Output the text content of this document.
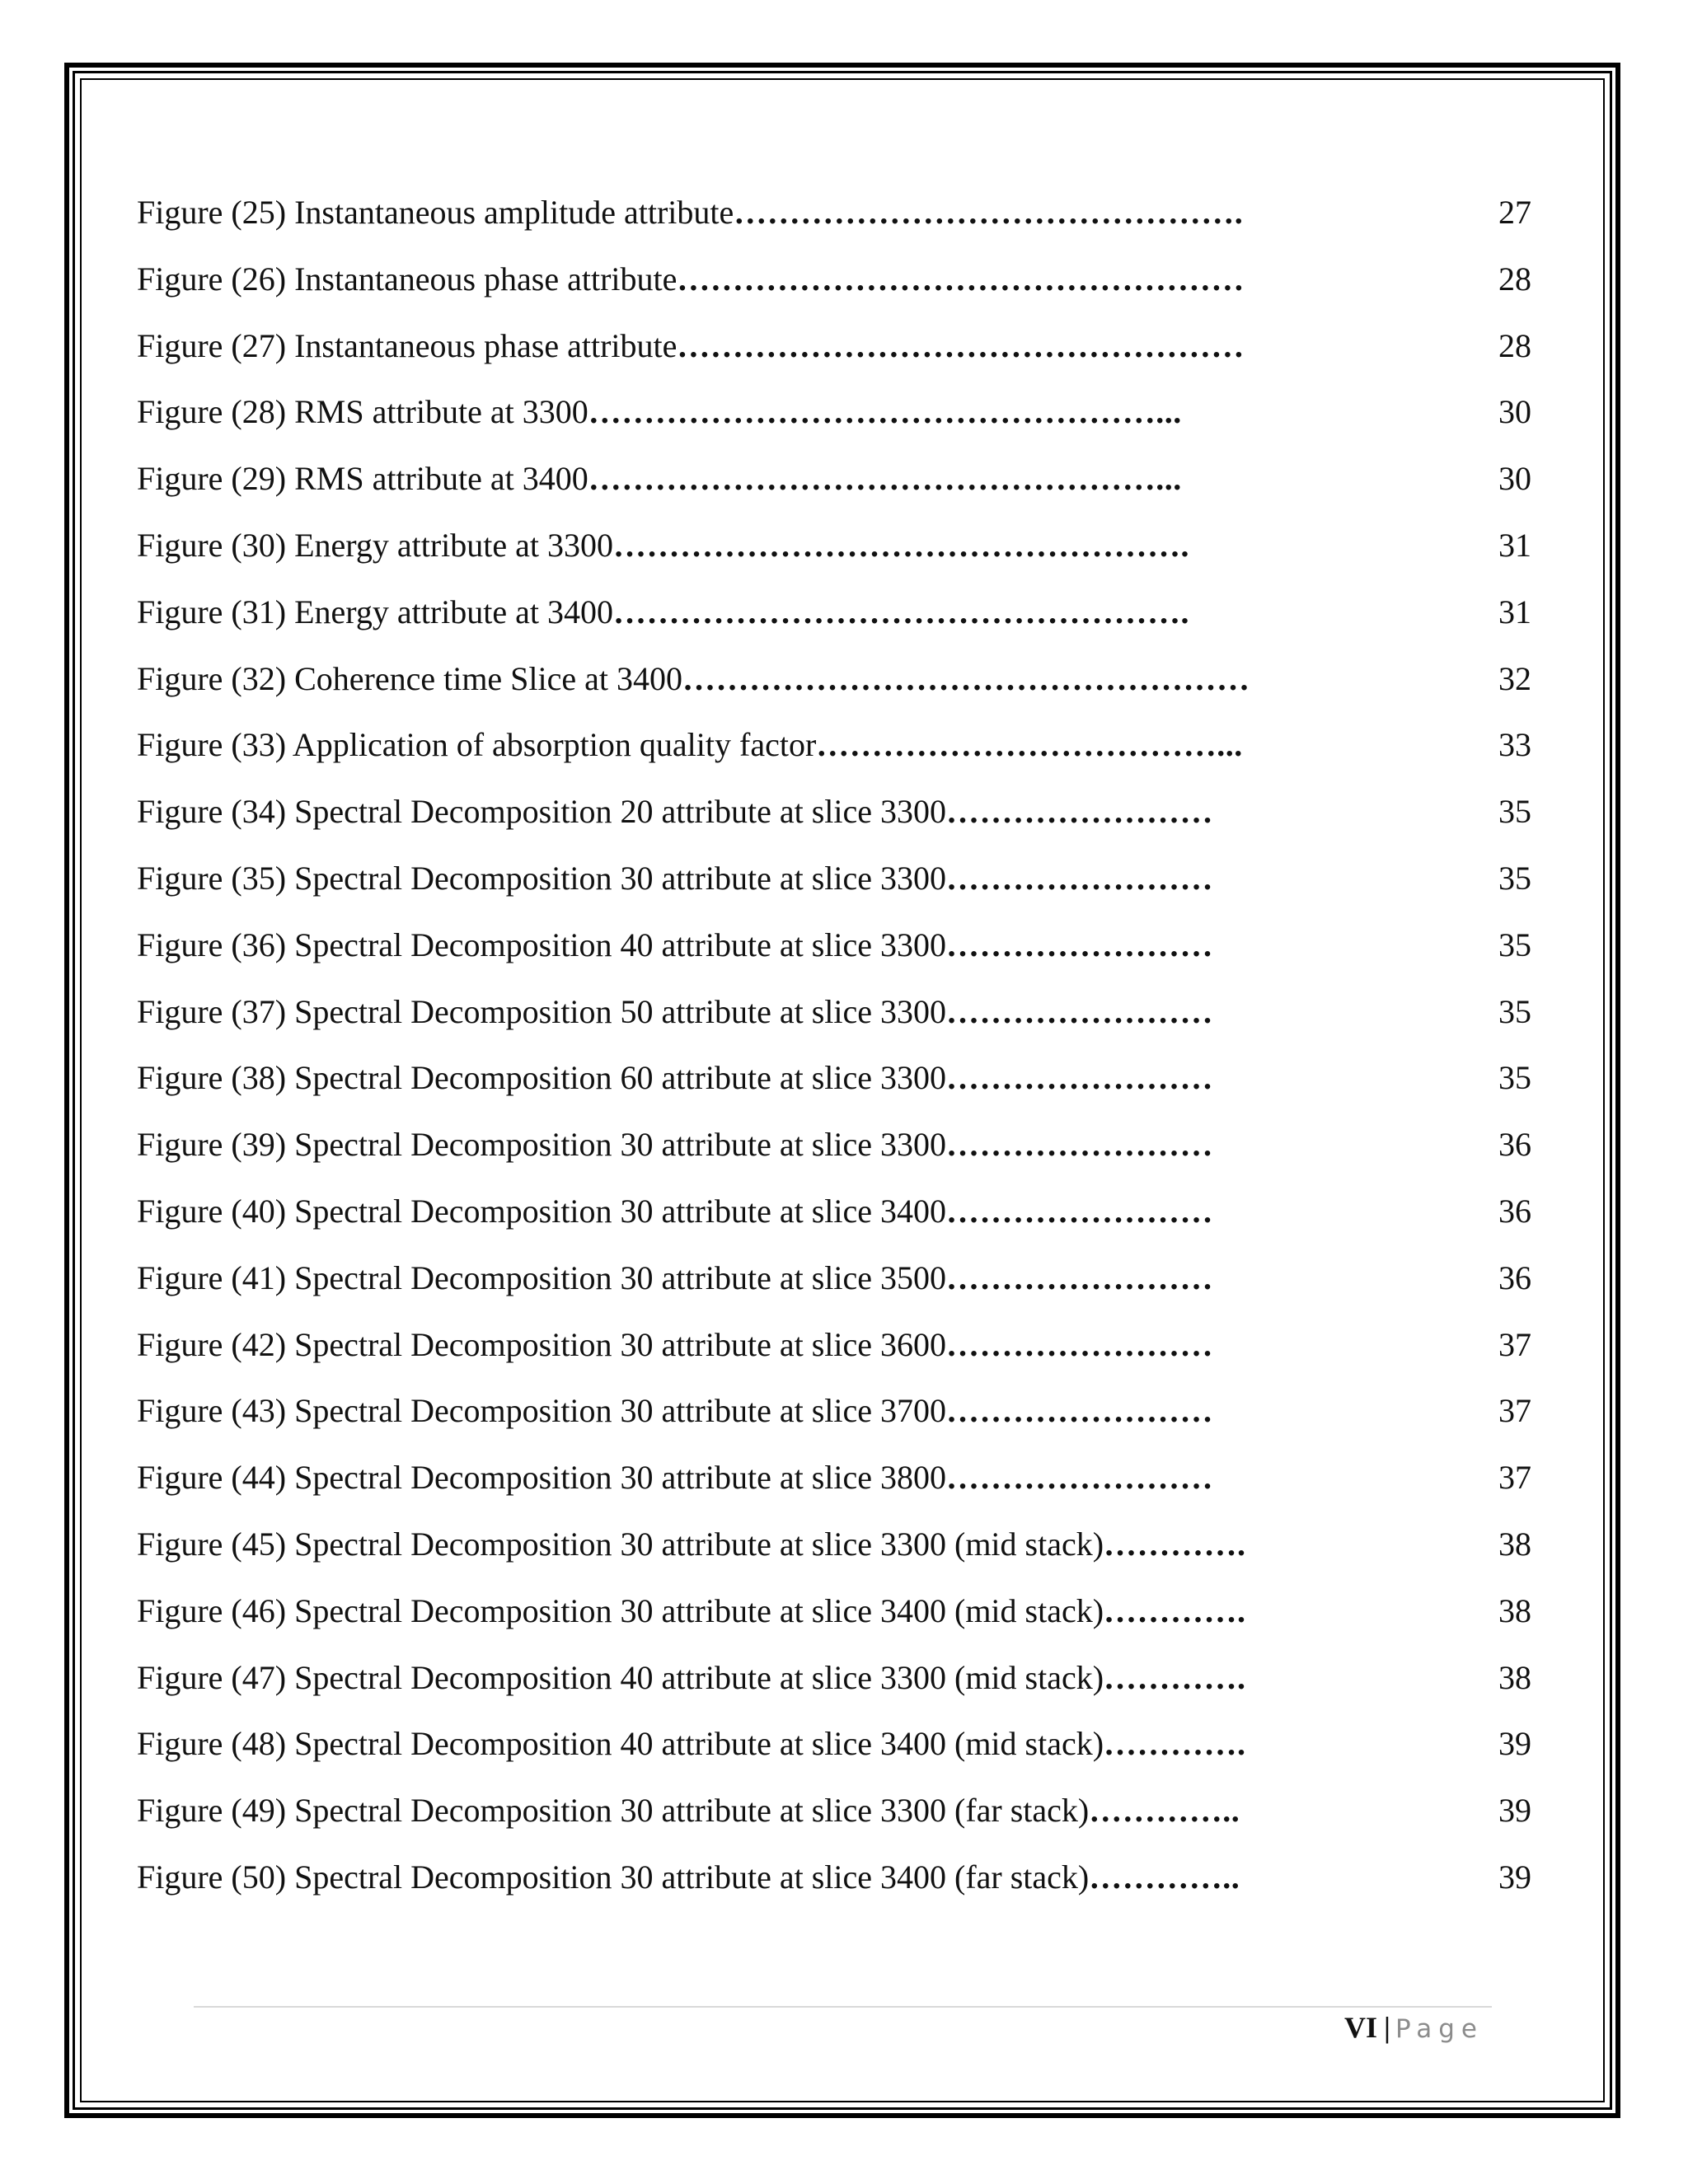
Figure (25) Instantaneous amplitude attribute ……………………………………….	27
Figure (26) Instantaneous phase attribute ……………………………………………	28
Figure (27) Instantaneous phase attribute ……………………………………………	28
Figure (28) RMS attribute at 3300 ……………………………………………...	30
Figure (29) RMS attribute at 3400 ……………………………………………...	30
Figure (30) Energy attribute at 3300 …………………………………………….	31
Figure (31) Energy attribute at 3400 …………………………………………….	31
Figure (32) Coherence time Slice at 3400 ……………………………………………	32
Figure (33) Application of absorption quality factor ………………………………...	33
Figure (34) Spectral Decomposition 20 attribute at slice 3300 ……………………	35
Figure (35) Spectral Decomposition 30 attribute at slice 3300 ……………………	35
Figure (36) Spectral Decomposition 40 attribute at slice 3300 ……………………	35
Figure (37) Spectral Decomposition 50 attribute at slice 3300 ……………………	35
Figure (38) Spectral Decomposition 60 attribute at slice 3300 ……………………	35
Figure (39) Spectral Decomposition 30 attribute at slice 3300 ……………………	36
Figure (40) Spectral Decomposition 30 attribute at slice 3400 ……………………	36
Figure (41) Spectral Decomposition 30 attribute at slice 3500 ……………………	36
Figure (42) Spectral Decomposition 30 attribute at slice 3600 ……………………	37
Figure (43) Spectral Decomposition 30 attribute at slice 3700 ……………………	37
Figure (44) Spectral Decomposition 30 attribute at slice 3800 ……………………	37
Figure (45) Spectral Decomposition 30 attribute at slice 3300 (mid stack) ………….	38
Figure (46) Spectral Decomposition 30 attribute at slice 3400 (mid stack) ………….	38
Figure (47) Spectral Decomposition 40 attribute at slice 3300 (mid stack) ………….	38
Figure (48) Spectral Decomposition 40 attribute at slice 3400 (mid stack) ………….	39
Figure (49) Spectral Decomposition 30 attribute at slice 3300 (far stack) …………..	39
Figure (50) Spectral Decomposition 30 attribute at slice 3400 (far stack) …………..	39
VI | Page
